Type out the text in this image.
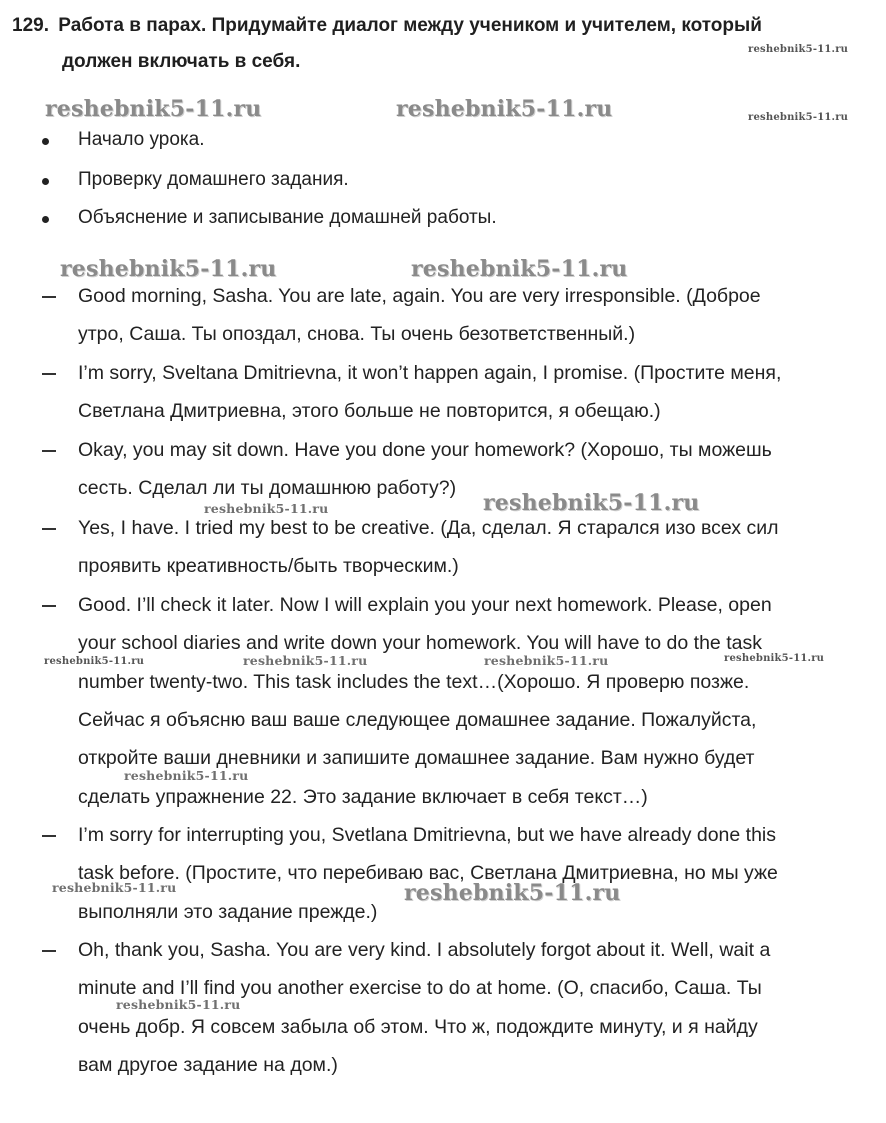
129. Работа в парах. Придумайте диалог между учеником и учителем, который
должен включать в себя.
Начало урока.
Проверку домашнего задания.
Объяснение и записывание домашней работы.
Good morning, Sasha. You are late, again. You are very irresponsible. (Доброе
утро, Саша. Ты опоздал, снова. Ты очень безответственный.)
I’m sorry, Sveltana Dmitrievna, it won’t happen again, I promise. (Простите меня,
Светлана Дмитриевна, этого больше не повторится, я обещаю.)
Okay, you may sit down. Have you done your homework? (Хорошо, ты можешь
сесть. Сделал ли ты домашнюю работу?)
Yes, I have. I tried my best to be creative. (Да, сделал. Я старался изо всех сил
проявить креативность/быть творческим.)
Good. I’ll check it later. Now I will explain you your next homework. Please, open
your school diaries and write down your homework. You will have to do the task
number twenty-two. This task includes the text…(Хорошо. Я проверю позже.
Сейчас я объясню ваш ваше следующее домашнее задание. Пожалуйста,
откройте ваши дневники и запишите домашнее задание. Вам нужно будет
сделать упражнение 22. Это задание включает в себя текст…)
I’m sorry for interrupting you, Svetlana Dmitrievna, but we have already done this
task before. (Простите, что перебиваю вас, Светлана Дмитриевна, но мы уже
выполняли это задание прежде.)
Oh, thank you, Sasha. You are very kind. I absolutely forgot about it. Well, wait a
minute and I’ll find you another exercise to do at home. (О, спасибо, Саша. Ты
очень добр. Я совсем забыла об этом. Что ж, подождите минуту, и я найду
вам другое задание на дом.)
reshebnik5-11.ru
reshebnik5-11.ru	reshebnik5-11.ru	reshebnik5-11.ru
reshebnik5-11.ru	reshebnik5-11.ru
reshebnik5-11.ru	reshebnik5-11.ru
reshebnik5-11.ru	reshebnik5-11.ru	reshebnik5-11.ru	reshebnik5-11.ru
reshebnik5-11.ru
reshebnik5-11.ru	reshebnik5-11.ru
reshebnik5-11.ru
